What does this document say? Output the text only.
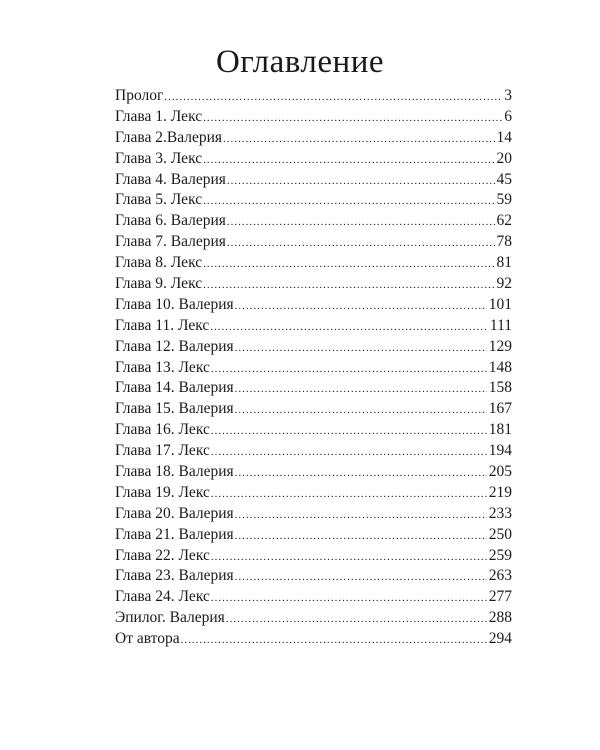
Оглавление
Пролог .....	3
Глава 1. Лекс .....	6
Глава 2.Валерия .....	14
Глава 3. Лекс .....	20
Глава 4. Валерия .....	45
Глава 5. Лекс .....	59
Глава 6. Валерия .....	62
Глава 7. Валерия .....	78
Глава 8. Лекс .....	81
Глава 9. Лекс .....	92
Глава 10. Валерия .....	101
Глава 11. Лекс .....	111
Глава 12. Валерия .....	129
Глава 13. Лекс .....	148
Глава 14. Валерия .....	158
Глава 15. Валерия .....	167
Глава 16. Лекс .....	181
Глава 17. Лекс .....	194
Глава 18. Валерия .....	205
Глава 19. Лекс .....	219
Глава 20. Валерия .....	233
Глава 21. Валерия .....	250
Глава 22. Лекс .....	259
Глава 23. Валерия .....	263
Глава 24. Лекс .....	277
Эпилог. Валерия .....	288
От автора .....	294
